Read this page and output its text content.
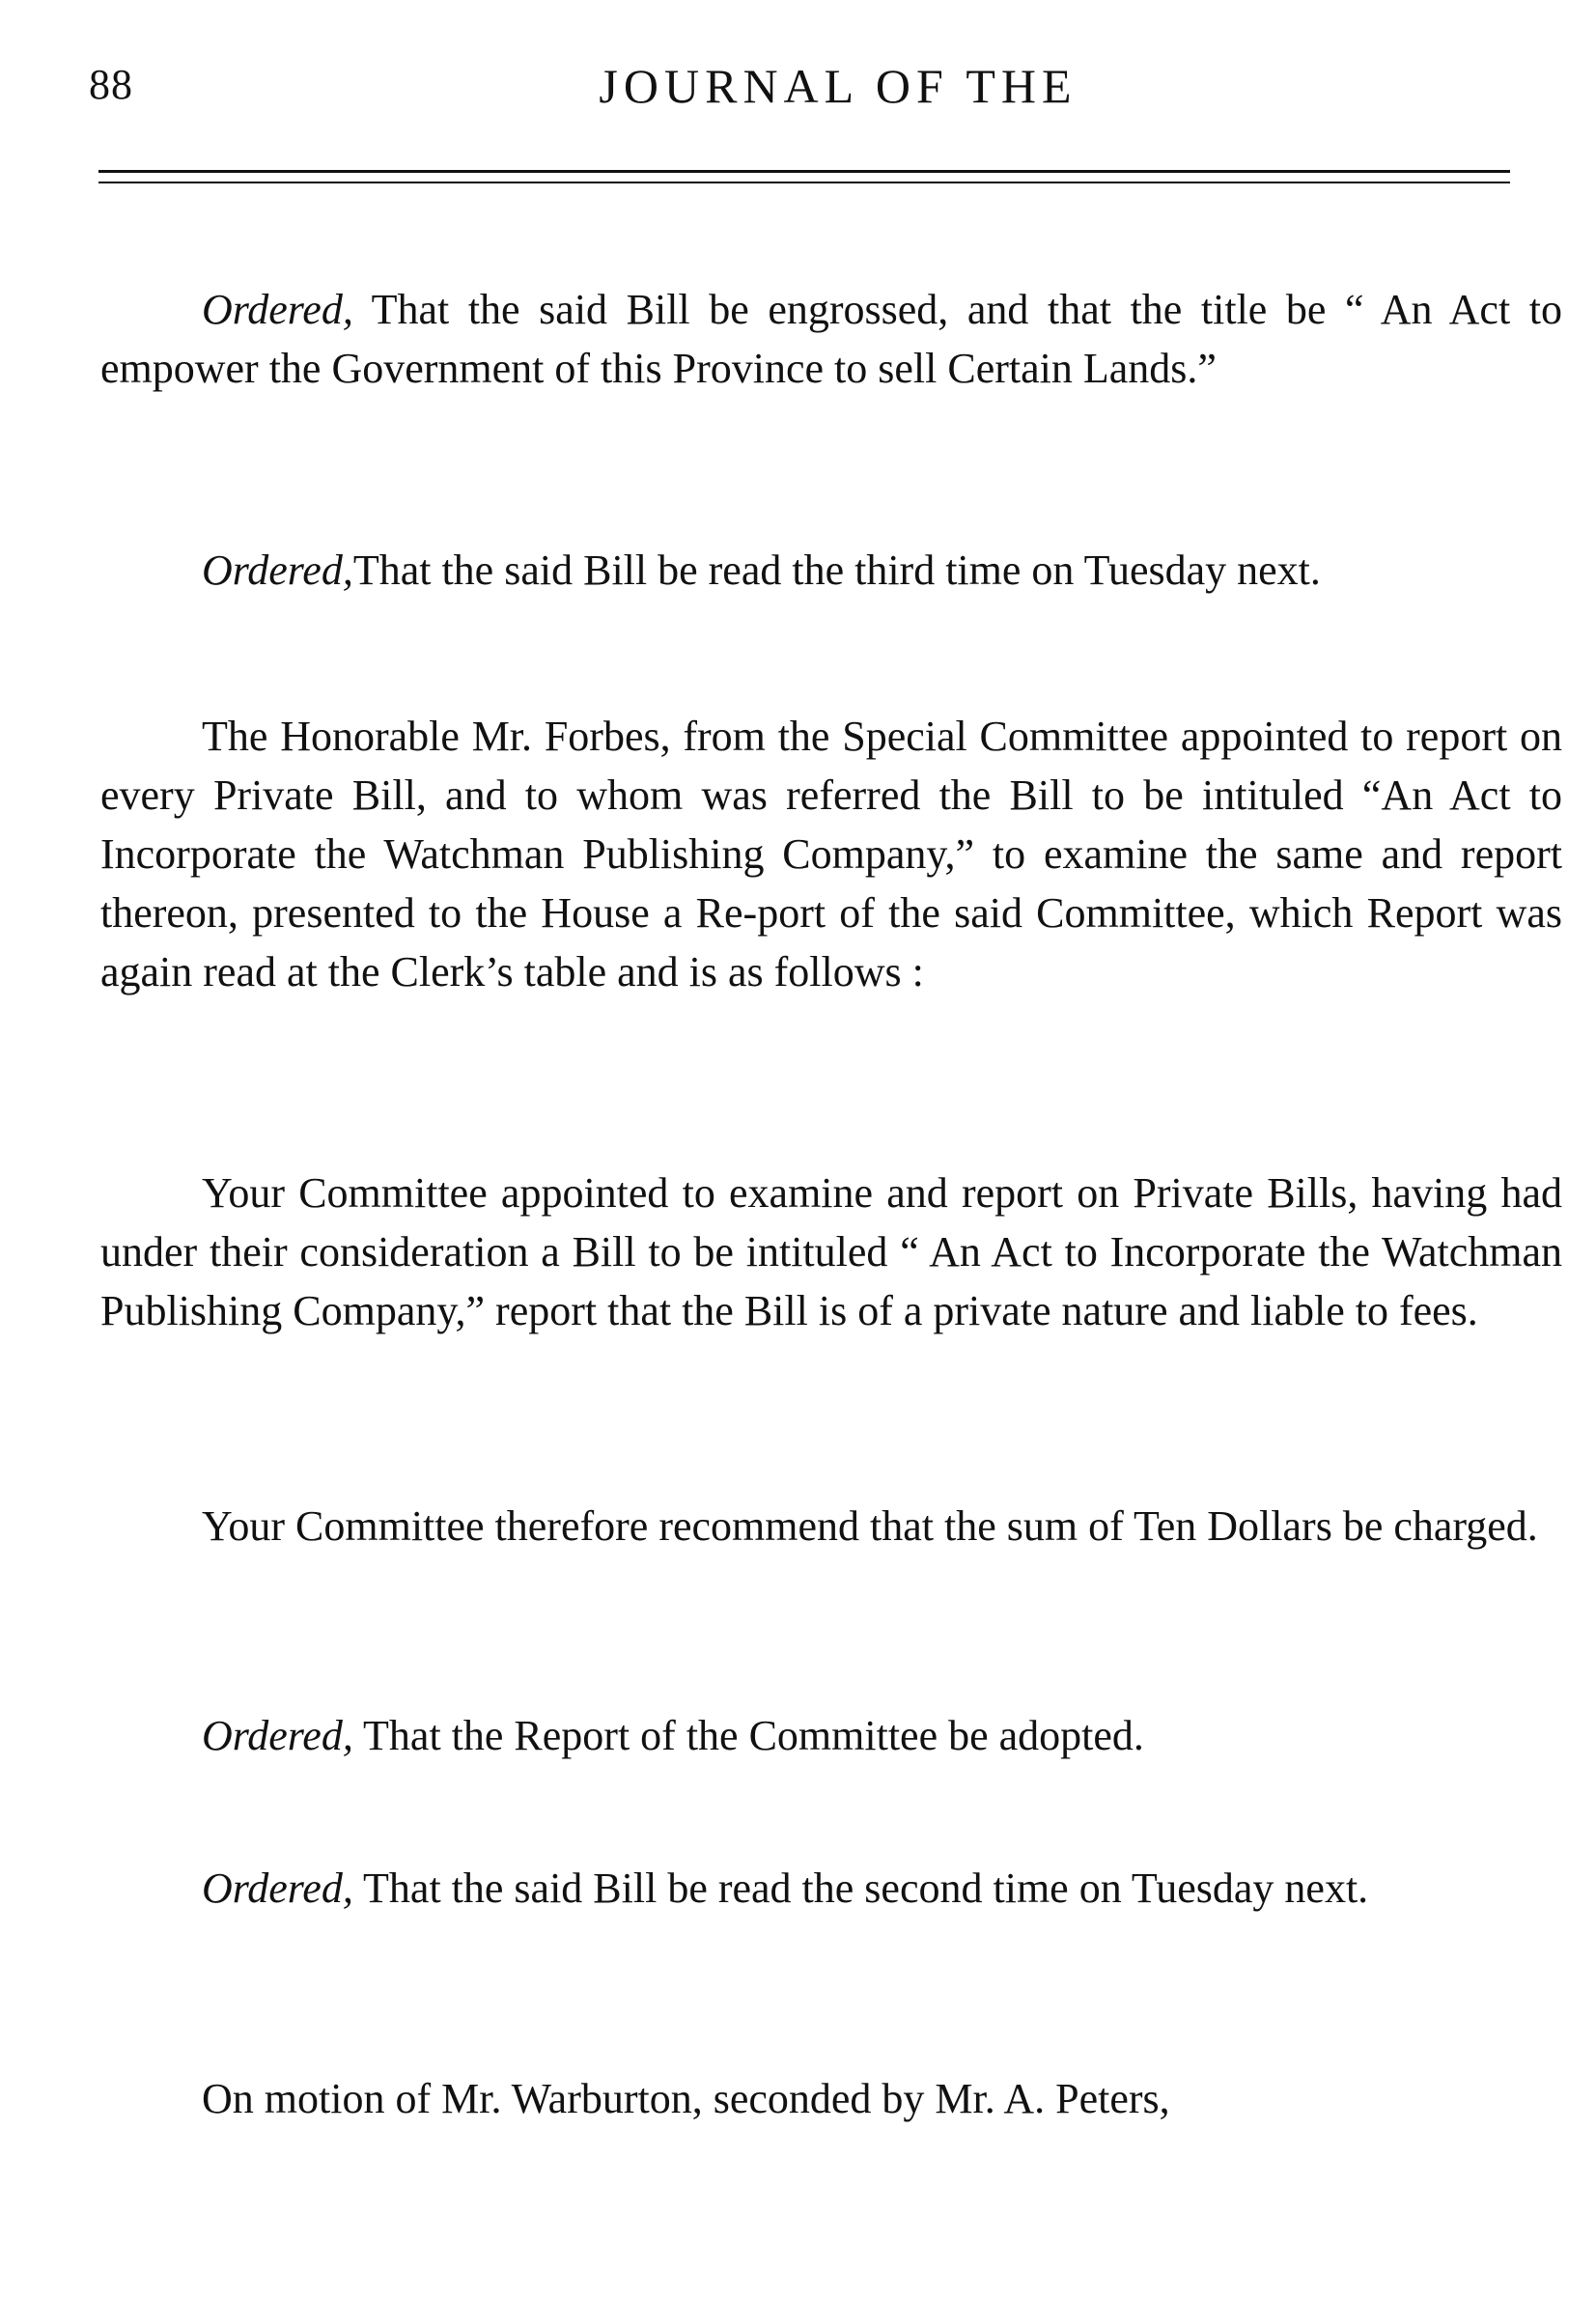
88	JOURNAL OF THE

Ordered, That the said Bill be engrossed, and that the title be “ An Act to empower the Government of this Province to sell Certain Lands.”

Ordered,That the said Bill be read the third time on Tuesday next.

The Honorable Mr. Forbes, from the Special Committee appointed to report on every Private Bill, and to whom was referred the Bill to be intituled “An Act to Incorporate the Watchman Publishing Company,” to examine the same and report thereon, presented to the House a Re-port of the said Committee, which Report was again read at the Clerk’s table and is as follows :

Your Committee appointed to examine and report on Private Bills, having had under their consideration a Bill to be intituled “ An Act to Incorporate the Watchman Publishing Company,” report that the Bill is of a private nature and liable to fees.

Your Committee therefore recommend that the sum of Ten Dollars be charged.

Ordered, That the Report of the Committee be adopted.

Ordered, That the said Bill be read the second time on Tuesday next.

On motion of Mr. Warburton, seconded by Mr. A. Peters,
